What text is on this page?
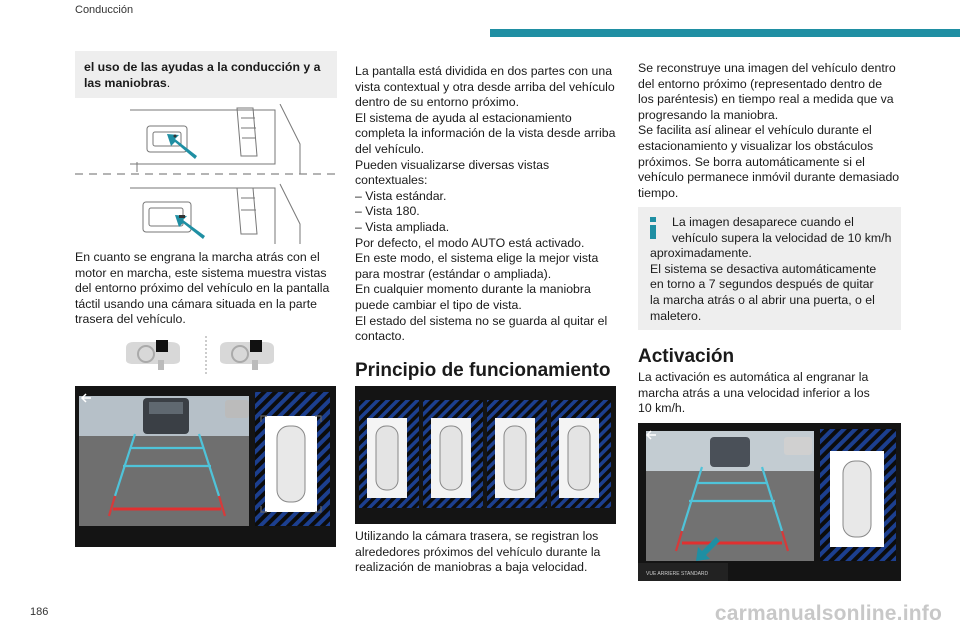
Conducción
el uso de las ayudas a la conducción y a
las maniobras.
En cuanto se engrana la marcha atrás con el
motor en marcha, este sistema muestra vistas
del entorno próximo del vehículo en la pantalla
táctil usando una cámara situada en la parte
trasera del vehículo.
La pantalla está dividida en dos partes con una
vista contextual y otra desde arriba del vehículo
dentro de su entorno próximo.
El sistema de ayuda al estacionamiento
completa la información de la vista desde arriba
del vehículo.
Pueden visualizarse diversas vistas
contextuales:
– Vista estándar.
– Vista 180.
– Vista ampliada.
Por defecto, el modo AUTO está activado.
En este modo, el sistema elige la mejor vista
para mostrar (estándar o ampliada).
En cualquier momento durante la maniobra
puede cambiar el tipo de vista.
El estado del sistema no se guarda al quitar el
contacto.
Principio de funcionamiento
Utilizando la cámara trasera, se registran los
alrededores próximos del vehículo durante la
realización de maniobras a baja velocidad.
Se reconstruye una imagen del vehículo dentro
del entorno próximo (representado dentro de
los paréntesis) en tiempo real a medida que va
progresando la maniobra.
Se facilita así alinear el vehículo durante el
estacionamiento y visualizar los obstáculos
próximos. Se borra automáticamente si el
vehículo permanece inmóvil durante demasiado
tiempo.
La imagen desaparece cuando el
vehículo supera la velocidad de 10 km/h
aproximadamente.
El sistema se desactiva automáticamente
en torno a 7 segundos después de quitar
la marcha atrás o al abrir una puerta, o el
maletero.
Activación
La activación es automática al engranar la
marcha atrás a una velocidad inferior a los
10 km/h.
VUE ARRIERE STANDARD
186	carmanualsonline.info
